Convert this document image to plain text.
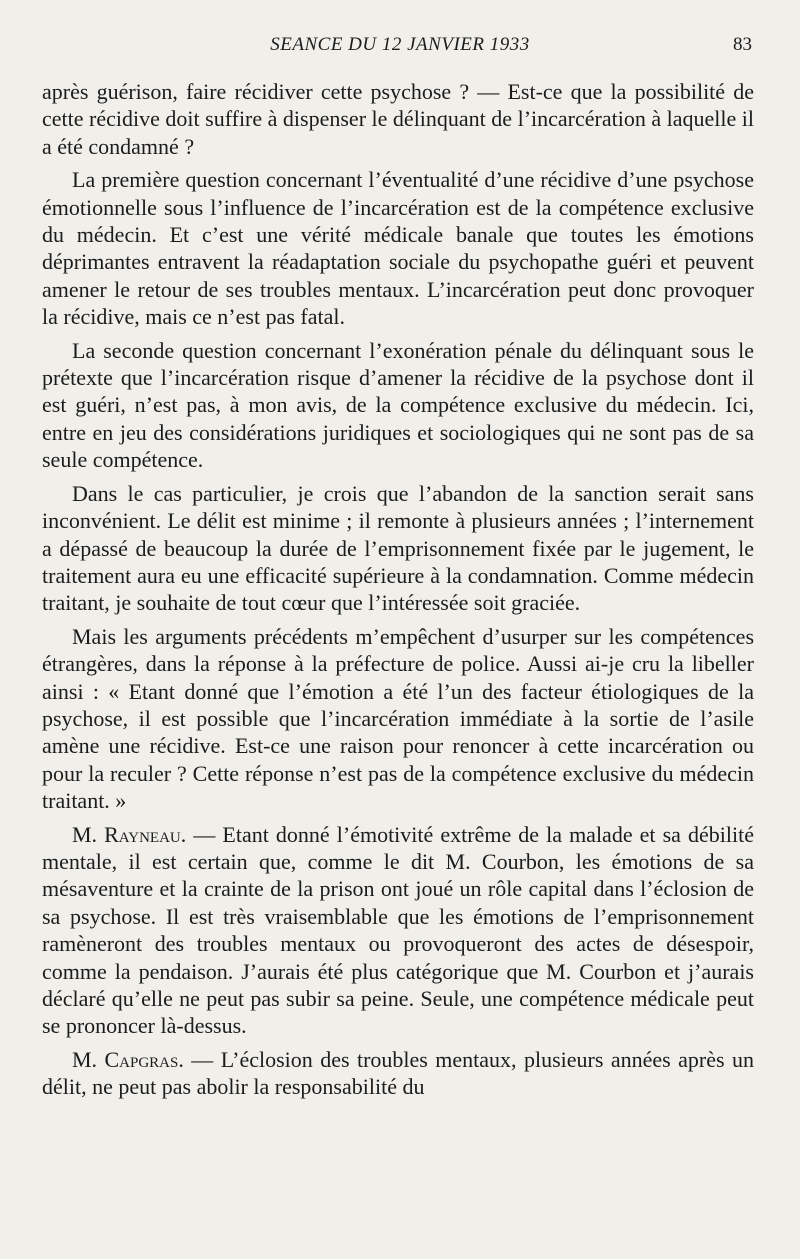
SEANCE DU 12 JANVIER 1933	83

après guérison, faire récidiver cette psychose ? — Est-ce que la possibilité de cette récidive doit suffire à dispenser le délinquant de l’incarcération à laquelle il a été condamné ?

La première question concernant l’éventualité d’une récidive d’une psychose émotionnelle sous l’influence de l’incarcération est de la compétence exclusive du médecin. Et c’est une vérité médicale banale que toutes les émotions déprimantes entravent la réadaptation sociale du psychopathe guéri et peuvent amener le retour de ses troubles mentaux. L’incarcération peut donc provoquer la récidive, mais ce n’est pas fatal.

La seconde question concernant l’exonération pénale du délinquant sous le prétexte que l’incarcération risque d’amener la récidive de la psychose dont il est guéri, n’est pas, à mon avis, de la compétence exclusive du médecin. Ici, entre en jeu des considérations juridiques et sociologiques qui ne sont pas de sa seule compétence.

Dans le cas particulier, je crois que l’abandon de la sanction serait sans inconvénient. Le délit est minime ; il remonte à plusieurs années ; l’internement a dépassé de beaucoup la durée de l’emprisonnement fixée par le jugement, le traitement aura eu une efficacité supérieure à la condamnation. Comme médecin traitant, je souhaite de tout cœur que l’intéressée soit graciée.

Mais les arguments précédents m’empêchent d’usurper sur les compétences étrangères, dans la réponse à la préfecture de police. Aussi ai-je cru la libeller ainsi : « Etant donné que l’émotion a été l’un des facteur étiologiques de la psychose, il est possible que l’incarcération immédiate à la sortie de l’asile amène une récidive. Est-ce une raison pour renoncer à cette incarcération ou pour la reculer ? Cette réponse n’est pas de la compétence exclusive du médecin traitant. »

M. Rayneau. — Etant donné l’émotivité extrême de la malade et sa débilité mentale, il est certain que, comme le dit M. Courbon, les émotions de sa mésaventure et la crainte de la prison ont joué un rôle capital dans l’éclosion de sa psychose. Il est très vraisemblable que les émotions de l’emprisonnement ramèneront des troubles mentaux ou provoqueront des actes de désespoir, comme la pendaison. J’aurais été plus catégorique que M. Courbon et j’aurais déclaré qu’elle ne peut pas subir sa peine. Seule, une compétence médicale peut se prononcer là-dessus.

M. Capgras. — L’éclosion des troubles mentaux, plusieurs années après un délit, ne peut pas abolir la responsabilité du
